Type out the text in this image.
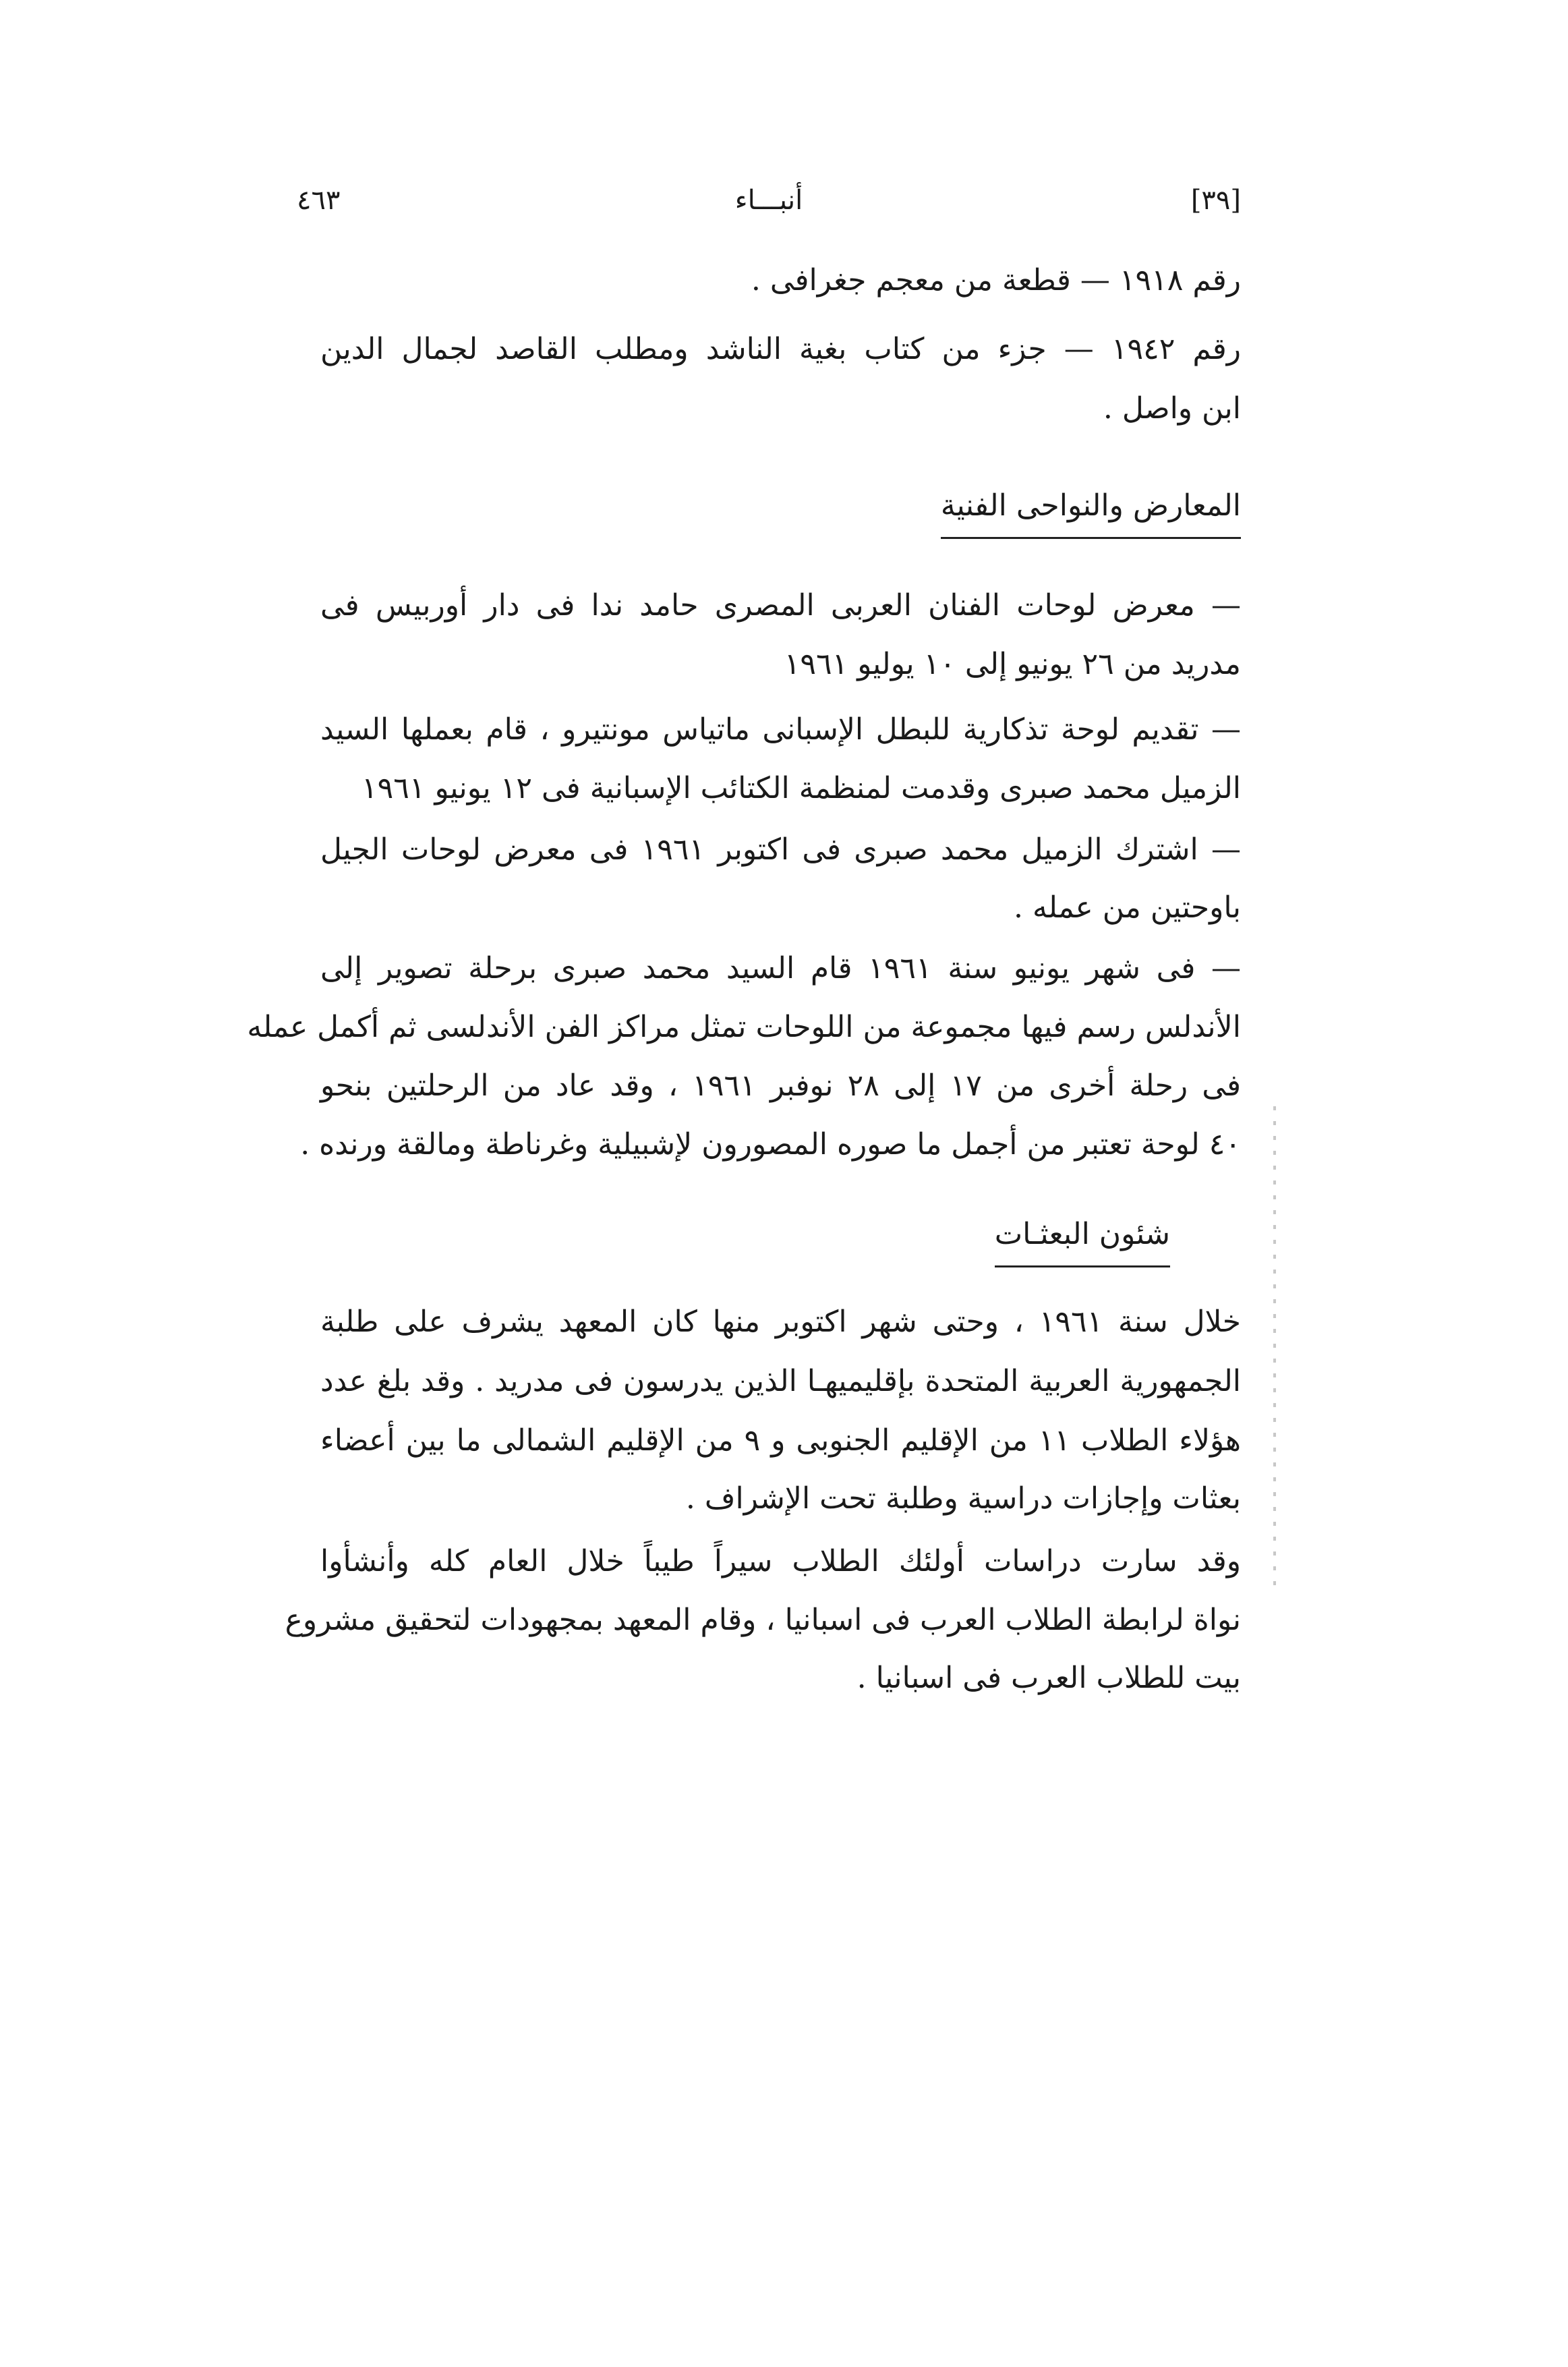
٤٦٣	أنبـــاء	[٣٩]
رقم ١٩١٨ — قطعة من معجم جغرافى .
رقم ١٩٤٢ — جزء من كتاب بغية الناشد ومطلب القاصد لجمال الدين
ابن واصل .
المعارض والنواحى الفنية
— معرض لوحات الفنان العربى المصرى حامد ندا فى دار أوربيس فى
مدريد من ٢٦ يونيو إلى ١٠ يوليو ١٩٦١
— تقديم لوحة تذكارية للبطل الإسبانى ماتياس مونتيرو ، قام بعملها السيد
الزميل محمد صبرى وقدمت لمنظمة الكتائب الإسبانية فى ١٢ يونيو ١٩٦١
— اشترك الزميل محمد صبرى فى اكتوبر ١٩٦١ فى معرض لوحات الجيل
باوحتين من عمله .
— فى شهر يونيو سنة ١٩٦١ قام السيد محمد صبرى برحلة تصوير إلى
الأندلس رسم فيها مجموعة من اللوحات تمثل مراكز الفن الأندلسى ثم أكمل عمله
فى رحلة أخرى من ١٧ إلى ٢٨ نوفبر ١٩٦١ ، وقد عاد من الرحلتين بنحو
٤٠ لوحة تعتبر من أجمل ما صوره المصورون لإشبيلية وغرناطة ومالقة ورنده .
شئون البعثـات
خلال سنة ١٩٦١ ، وحتى شهر اكتوبر منها كان المعهد يشرف على طلبة
الجمهورية العربية المتحدة بإقليميهـا الذين يدرسون فى مدريد . وقد بلغ عدد
هؤلاء الطلاب ١١ من الإقليم الجنوبى و ٩ من الإقليم الشمالى ما بين أعضاء
بعثات وإجازات دراسية وطلبة تحت الإشراف .
وقد سارت دراسات أولئك الطلاب سيراً طيباً خلال العام كله وأنشأوا
نواة لرابطة الطلاب العرب فى اسبانيا ، وقام المعهد بمجهودات لتحقيق مشروع
بيت للطلاب العرب فى اسبانيا .
